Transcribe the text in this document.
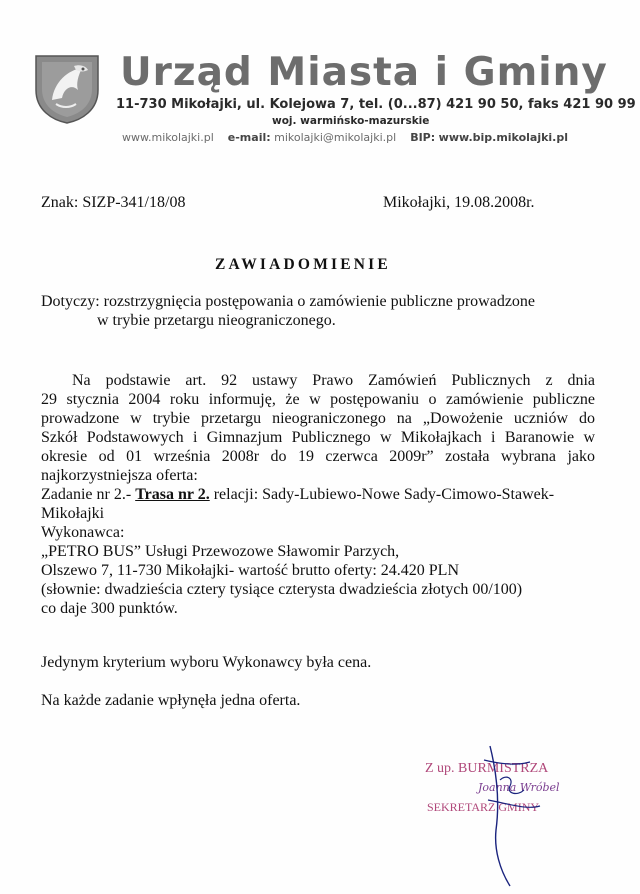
Urząd Miasta i Gminy
11-730 Mikołajki, ul. Kolejowa 7, tel. (0...87) 421 90 50, faks 421 90 99
woj. warmińsko-mazurskie
www.mikolajki.pl e-mail: mikolajki@mikolajki.pl BIP: www.bip.mikolajki.pl
Znak: SIZP-341/18/08	Mikołajki, 19.08.2008r.
ZAWIADOMIENIE
Dotyczy: rozstrzygnięcia postępowania o zamówienie publiczne prowadzone
w trybie przetargu nieograniczonego.
Na podstawie art. 92 ustawy Prawo Zamówień Publicznych z dnia
29 stycznia 2004 roku informuję, że w postępowaniu o zamówienie publiczne
prowadzone w trybie przetargu nieograniczonego na „Dowożenie uczniów do
Szkół Podstawowych i Gimnazjum Publicznego w Mikołajkach i Baranowie w
okresie od 01 września 2008r do 19 czerwca 2009r” została wybrana jako
najkorzystniejsza oferta:
Zadanie nr 2.- Trasa nr 2. relacji: Sady-Lubiewo-Nowe Sady-Cimowo-Stawek-
Mikołajki
Wykonawca:
„PETRO BUS” Usługi Przewozowe Sławomir Parzych,
Olszewo 7, 11-730 Mikołajki- wartość brutto oferty: 24.420 PLN
(słownie: dwadzieścia cztery tysiące czterysta dwadzieścia złotych 00/100)
co daje 300 punktów.
Jedynym kryterium wyboru Wykonawcy była cena.
Na każde zadanie wpłynęła jedna oferta.
Z up. BURMISTRZA
SEKRETARZ GMINY
Joanna Wróbel
